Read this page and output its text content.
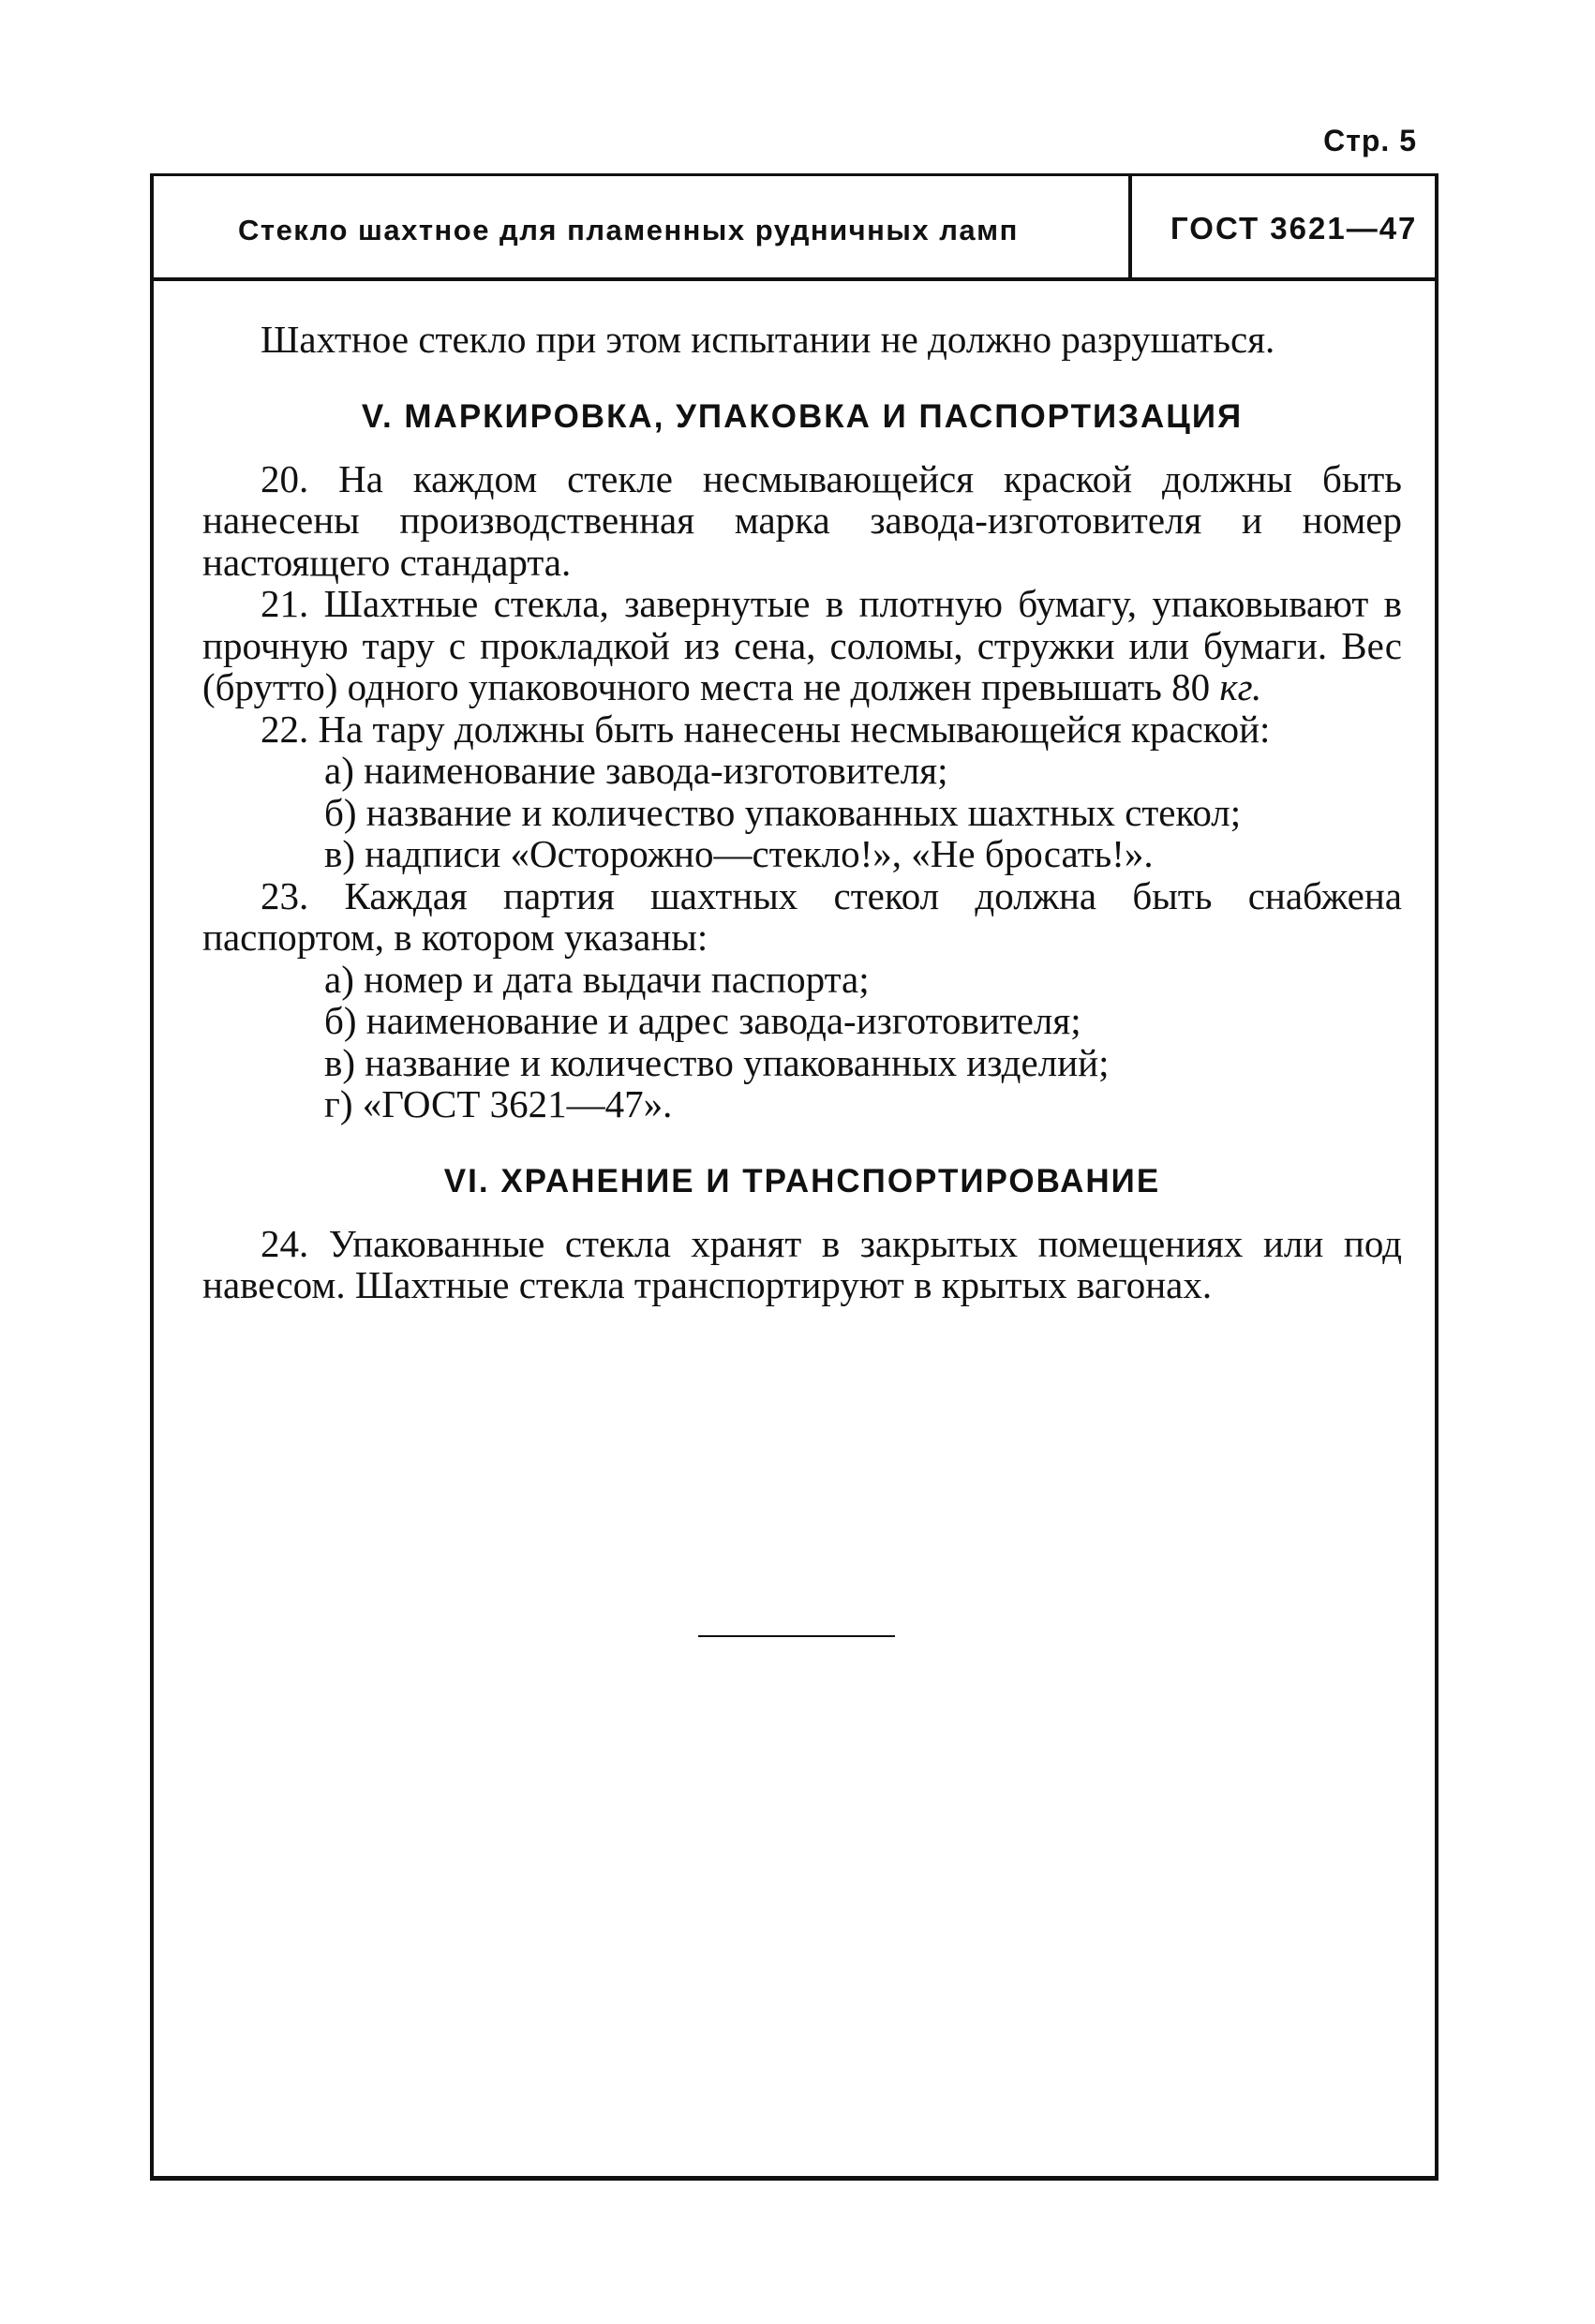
Стр. 5
Стекло шахтное для пламенных рудничных ламп	ГОСТ 3621—47

Шахтное стекло при этом испытании не должно разрушаться.

V. МАРКИРОВКА, УПАКОВКА И ПАСПОРТИЗАЦИЯ

20. На каждом стекле несмывающейся краской должны быть нанесены производственная марка завода-изготовителя и номер настоящего стандарта.

21. Шахтные стекла, завернутые в плотную бумагу, упаковывают в прочную тару с прокладкой из сена, соломы, стружки или бумаги. Вес (брутто) одного упаковочного места не должен превышать 80 кг.

22. На тару должны быть нанесены несмывающейся краской:

а) наименование завода-изготовителя;

б) название и количество упакованных шахтных стекол;

в) надписи «Осторожно—стекло!», «Не бросать!».

23. Каждая партия шахтных стекол должна быть снабжена паспортом, в котором указаны:

а) номер и дата выдачи паспорта;

б) наименование и адрес завода-изготовителя;

в) название и количество упакованных изделий;

г) «ГОСТ 3621—47».

VI. ХРАНЕНИЕ И ТРАНСПОРТИРОВАНИЕ

24. Упакованные стекла хранят в закрытых помещениях или под навесом. Шахтные стекла транспортируют в крытых вагонах.
